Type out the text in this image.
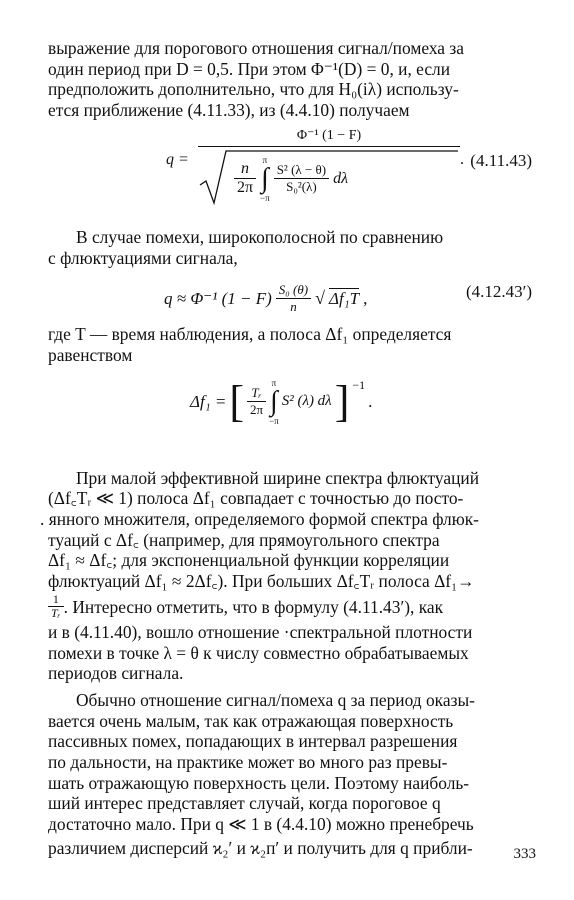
выражение для порогового отношения сигнал/помеха за
один период при D = 0,5. При этом Φ⁻¹(D) = 0, и, если
предположить дополнительно, что для H₀(iλ) использу-
ется приближение (4.11.33), из (4.4.10) получаем
q =
Φ⁻¹ (1 − F)
$\frac{n}{2\pi}$
π
∫
−π
$\frac{\text{S² (λ − θ)}}{\text{S₀²(λ)}}$ dλ
. (4.11.43)
В случае помехи, широкополосной по сравнению
с флюктуациями сигнала,
q ≈ Φ⁻¹ $(1 - F) \frac{\text{S₀ (θ)}}{n}$ √ Δf₁T ,	(4.12.43′)
где T — время наблюдения, а полоса Δf₁ определяется
равенством
Δf₁ = [ $\frac{\text{Tᵣ}}{2\pi}$
π
∫
−π
S² (λ) dλ ] $^{-1}$
.
При малой эффективной ширине спектра флюктуаций
(Δf꜀Tᵣ ≪ 1) полоса Δf₁ совпадает с точностью до посто-
. янного множителя, определяемого формой спектра флюк-
туаций с Δf꜀ (например, для прямоугольного спектра
Δf₁ ≈ Δf꜀; для экспоненциальной функции корреляции
флюктуаций Δf₁ ≈ 2Δf꜀). При больших Δf꜀Tᵣ полоса Δf₁→
$\frac{1}{\text{Tᵣ}}$ . Интересно отметить, что в формулу (4.11.43′), как
и в (4.11.40), вошло отношение ·спектральной плотности
помехи в точке λ = θ к числу совместно обрабатываемых
периодов сигнала.
Обычно отношение сигнал/помеха q за период оказы-
вается очень малым, так как отражающая поверхность
пассивных помех, попадающих в интервал разрешения
по дальности, на практике может во много раз превы-
шать отражающую поверхность цели. Поэтому наиболь-
ший интерес представляет случай, когда пороговое q
достаточно мало. При q ≪ 1 в (4.4.10) можно пренебречь
различием дисперсий ϰ₂′ и ϰ₂п′ и получить для q прибли-	333
